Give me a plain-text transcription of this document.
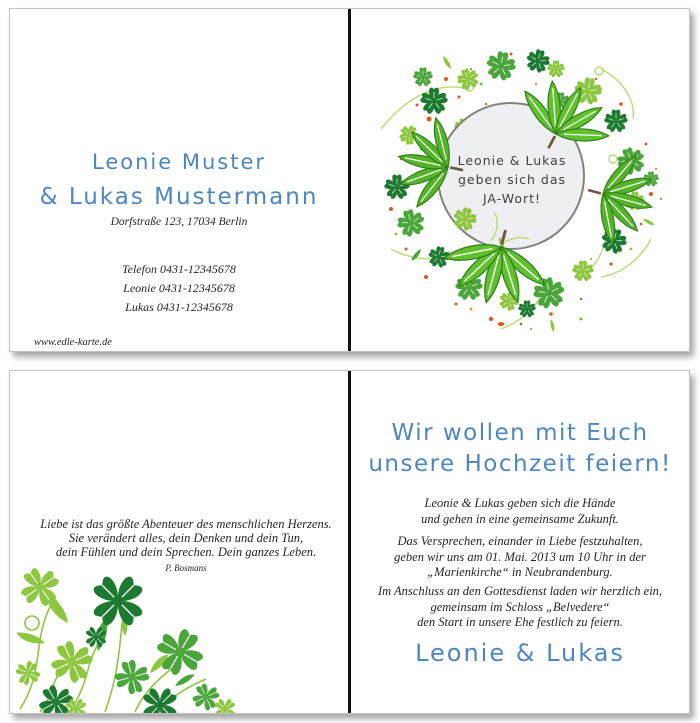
Leonie Muster
& Lukas Mustermann
Dorfstraße 123, 17034 Berlin
Telefon 0431-12345678
Leonie 0431-12345678
Lukas 0431-12345678
www.edle-karte.de
Leonie & Lukas
geben sich das
JA-Wort!
Liebe ist das größte Abenteuer des menschlichen Herzens.
Sie verändert alles, dein Denken und dein Tun,
dein Fühlen und dein Sprechen. Dein ganzes Leben.
P. Bosmans
Wir wollen mit Euch
unsere Hochzeit feiern!
Leonie & Lukas geben sich die Hände
und gehen in eine gemeinsame Zukunft.
Das Versprechen, einander in Liebe festzuhalten,
geben wir uns am 01. Mai. 2013 um 10 Uhr in der
„Marienkirche“ in Neubrandenburg.
Im Anschluss an den Gottesdienst laden wir herzlich ein,
gemeinsam im Schloss „Belvedere“
den Start in unsere Ehe festlich zu feiern.
Leonie & Lukas
